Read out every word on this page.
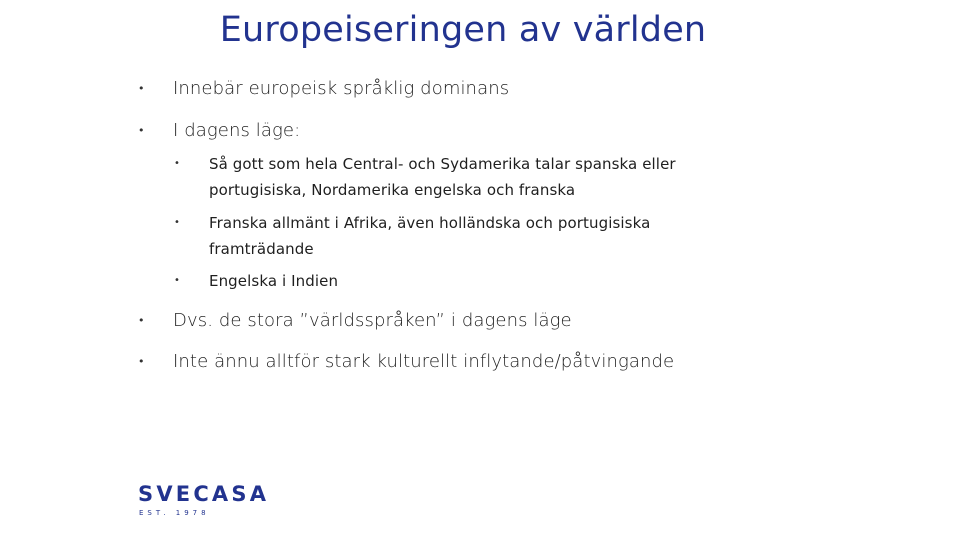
Europeiseringen av världen
• Innebär europeisk språklig dominans
• I dagens läge:
• Så gott som hela Central- och Sydamerika talar spanska eller portugisiska, Nordamerika engelska och franska
• Franska allmänt i Afrika, även holländska och portugisiska framträdande
• Engelska i Indien
• Dvs. de stora ”världsspråken” i dagens läge
• Inte ännu alltför stark kulturellt inflytande/påtvingande
SVECASA
EST. 1978
